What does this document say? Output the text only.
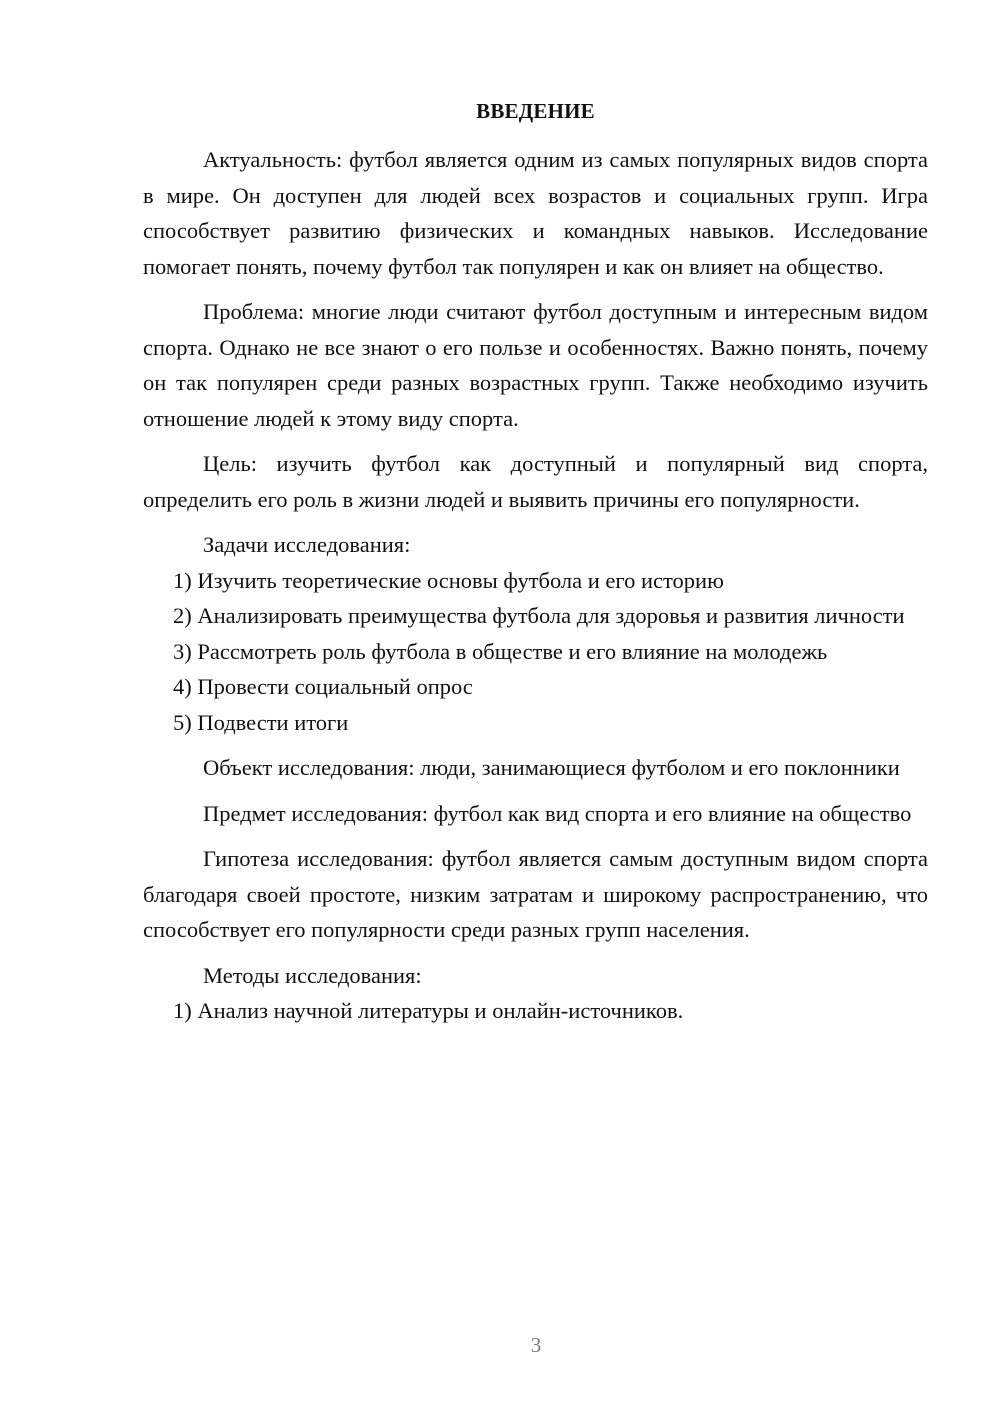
ВВЕДЕНИЕ

Актуальность: футбол является одним из самых популярных видов спорта в мире. Он доступен для людей всех возрастов и социальных групп. Игра способствует развитию физических и командных навыков. Исследование помогает понять, почему футбол так популярен и как он влияет на общество.

Проблема: многие люди считают футбол доступным и интересным видом спорта. Однако не все знают о его пользе и особенностях. Важно понять, почему он так популярен среди разных возрастных групп. Также необходимо изучить отношение людей к этому виду спорта.

Цель: изучить футбол как доступный и популярный вид спорта, определить его роль в жизни людей и выявить причины его популярности.

Задачи исследования:

1) Изучить теоретические основы футбола и его историю

2) Анализировать преимущества футбола для здоровья и развития личности

3) Рассмотреть роль футбола в обществе и его влияние на молодежь

4) Провести социальный опрос

5) Подвести итоги

Объект исследования: люди, занимающиеся футболом и его поклонники

Предмет исследования: футбол как вид спорта и его влияние на общество

Гипотеза исследования: футбол является самым доступным видом спорта благодаря своей простоте, низким затратам и широкому распространению, что способствует его популярности среди разных групп населения.

Методы исследования:

1) Анализ научной литературы и онлайн-источников.

3
